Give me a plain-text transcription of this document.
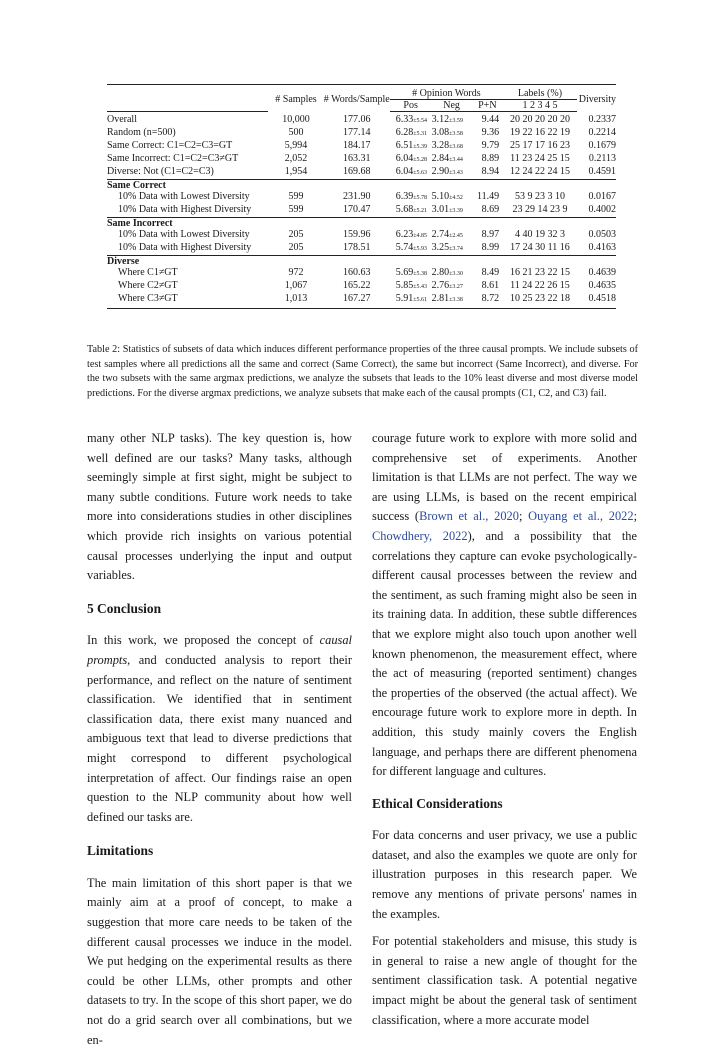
	# Samples	# Words/Sample	# Opinion Words			Labels (%)	Diversity
			Pos	Neg	P+N	1 2 3 4 5	
Overall	10,000	177.06	6.33±5.54	3.12±3.59	9.44	20 20 20 20 20	0.2337
Random (n=500)	500	177.14	6.28±5.31	3.08±3.58	9.36	19 22 16 22 19	0.2214
Same Correct: C1=C2=C3=GT	5,994	184.17	6.51±5.39	3.28±3.68	9.79	25 17 17 16 23	0.1679
Same Incorrect: C1=C2=C3≠GT	2,052	163.31	6.04±5.28	2.84±3.44	8.89	11 23 24 25 15	0.2113
Diverse: Not (C1=C2=C3)	1,954	169.68	6.04±5.63	2.90±3.43	8.94	12 24 22 24 15	0.4591
Same Correct							
10% Data with Lowest Diversity	599	231.90	6.39±5.78	5.10±4.52	11.49	53 9 23 3 10	0.0167
10% Data with Highest Diversity	599	170.47	5.68±5.21	3.01±3.39	8.69	23 29 14 23 9	0.4002
Same Incorrect							
10% Data with Lowest Diversity	205	159.96	6.23±4.85	2.74±2.45	8.97	4 40 19 32 3	0.0503
10% Data with Highest Diversity	205	178.51	5.74±5.93	3.25±3.74	8.99	17 24 30 11 16	0.4163
Diverse							
Where C1≠GT	972	160.63	5.69±5.38	2.80±3.30	8.49	16 21 23 22 15	0.4639
Where C2≠GT	1,067	165.22	5.85±5.43	2.76±3.27	8.61	11 24 22 26 15	0.4635
Where C3≠GT	1,013	167.27	5.91±5.61	2.81±3.38	8.72	10 25 23 22 18	0.4518
Table 2: Statistics of subsets of data which induces different performance properties of the three causal prompts. We include subsets of test samples where all predictions all the same and correct (Same Correct), the same but incorrect (Same Incorrect), and diverse. For the two subsets with the same argmax predictions, we analyze the subsets that leads to the 10% least diverse and most diverse model predictions. For the diverse argmax predictions, we analyze subsets that make each of the causal prompts (C1, C2, and C3) fail.

many other NLP tasks). The key question is, how well defined are our tasks? Many tasks, although seemingly simple at first sight, might be subject to many subtle conditions. Future work needs to take more into considerations studies in other disciplines which provide rich insights on various potential causal processes underlying the input and output variables.

5 Conclusion

In this work, we proposed the concept of causal prompts, and conducted analysis to report their performance, and reflect on the nature of sentiment classification. We identified that in sentiment classification data, there exist many nuanced and ambiguous text that lead to diverse predictions that might correspond to different psychological interpretation of affect. Our findings raise an open question to the NLP community about how well defined our tasks are.

Limitations

The main limitation of this short paper is that we mainly aim at a proof of concept, to make a suggestion that more care needs to be taken of the different causal processes we induce in the model. We put hedging on the experimental results as there could be other LLMs, other prompts and other datasets to try. In the scope of this short paper, we do not do a grid search over all combinations, but we en-

courage future work to explore with more solid and comprehensive set of experiments. Another limitation is that LLMs are not perfect. The way we are using LLMs, is based on the recent empirical success (Brown et al., 2020; Ouyang et al., 2022; Chowdhery, 2022), and a possibility that the correlations they capture can evoke psychologically-different causal processes between the review and the sentiment, as such framing might also be seen in its training data. In addition, these subtle differences that we explore might also touch upon another well known phenomenon, the measurement effect, where the act of measuring (reported sentiment) changes the properties of the observed (the actual affect). We encourage future work to explore more in depth. In addition, this study mainly covers the English language, and perhaps there are different phenomena for different language and cultures.

Ethical Considerations

For data concerns and user privacy, we use a public dataset, and also the examples we quote are only for illustration purposes in this research paper. We remove any mentions of private persons' names in the examples.

For potential stakeholders and misuse, this study is in general to raise a new angle of thought for the sentiment classification task. A potential negative impact might be about the general task of sentiment classification, where a more accurate model
